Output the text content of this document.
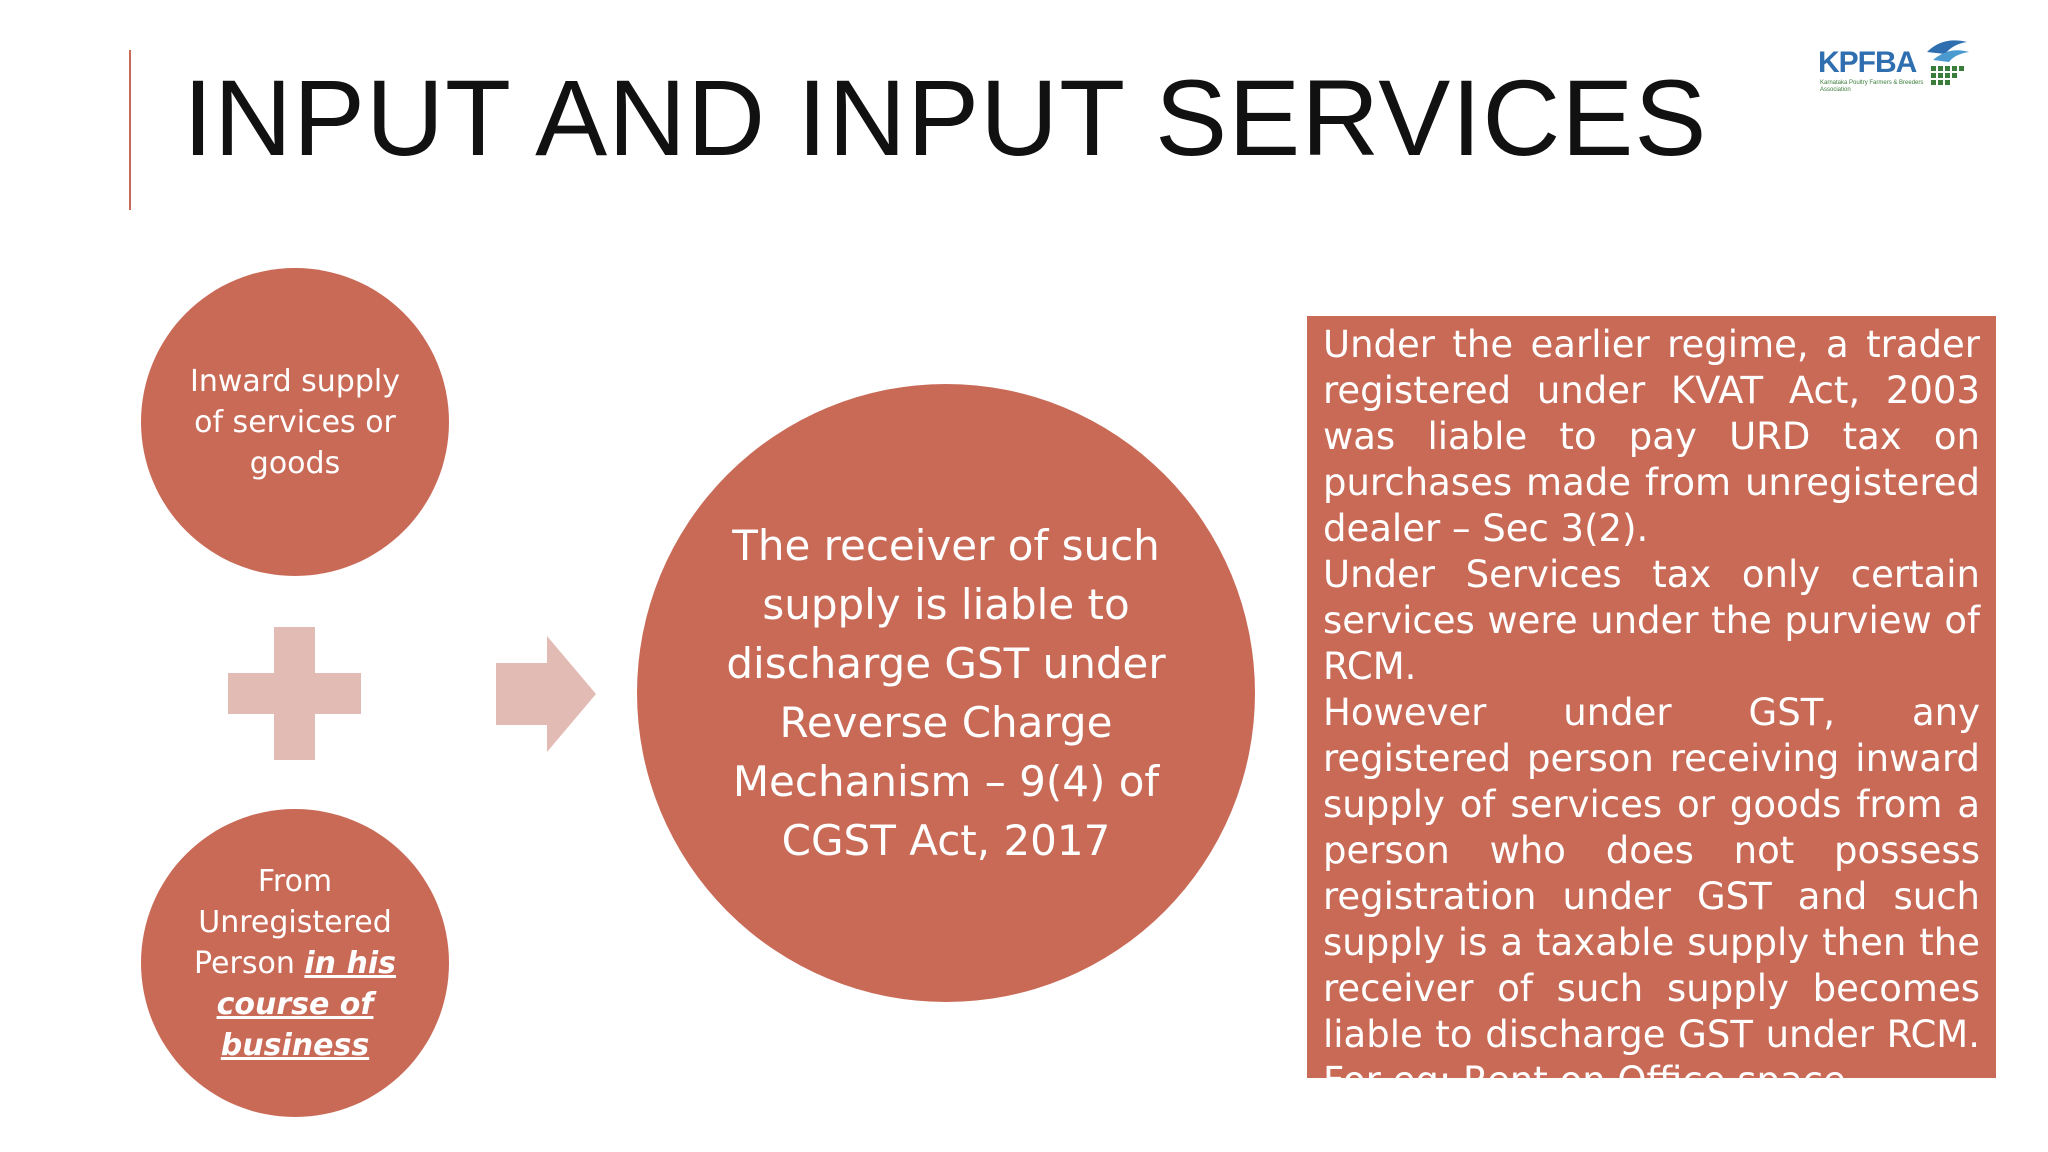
INPUT AND INPUT SERVICES	KPFBA
Karnataka Poultry Farmers & Breeders Association
Inward supply of services or goods
From Unregistered Person in his course of business
The receiver of such supply is liable to discharge GST under Reverse Charge Mechanism – 9(4) of CGST Act, 2017

Under the earlier regime, a trader registered under KVAT Act, 2003 was liable to pay URD tax on purchases made from unregistered dealer – Sec 3(2).

Under Services tax only certain services were under the purview of RCM.

However under GST, any registered person receiving inward supply of services or goods from a person who does not possess registration under GST and such supply is a taxable supply then the receiver of such supply becomes liable to discharge GST under RCM. For eg: Rent on Office space
